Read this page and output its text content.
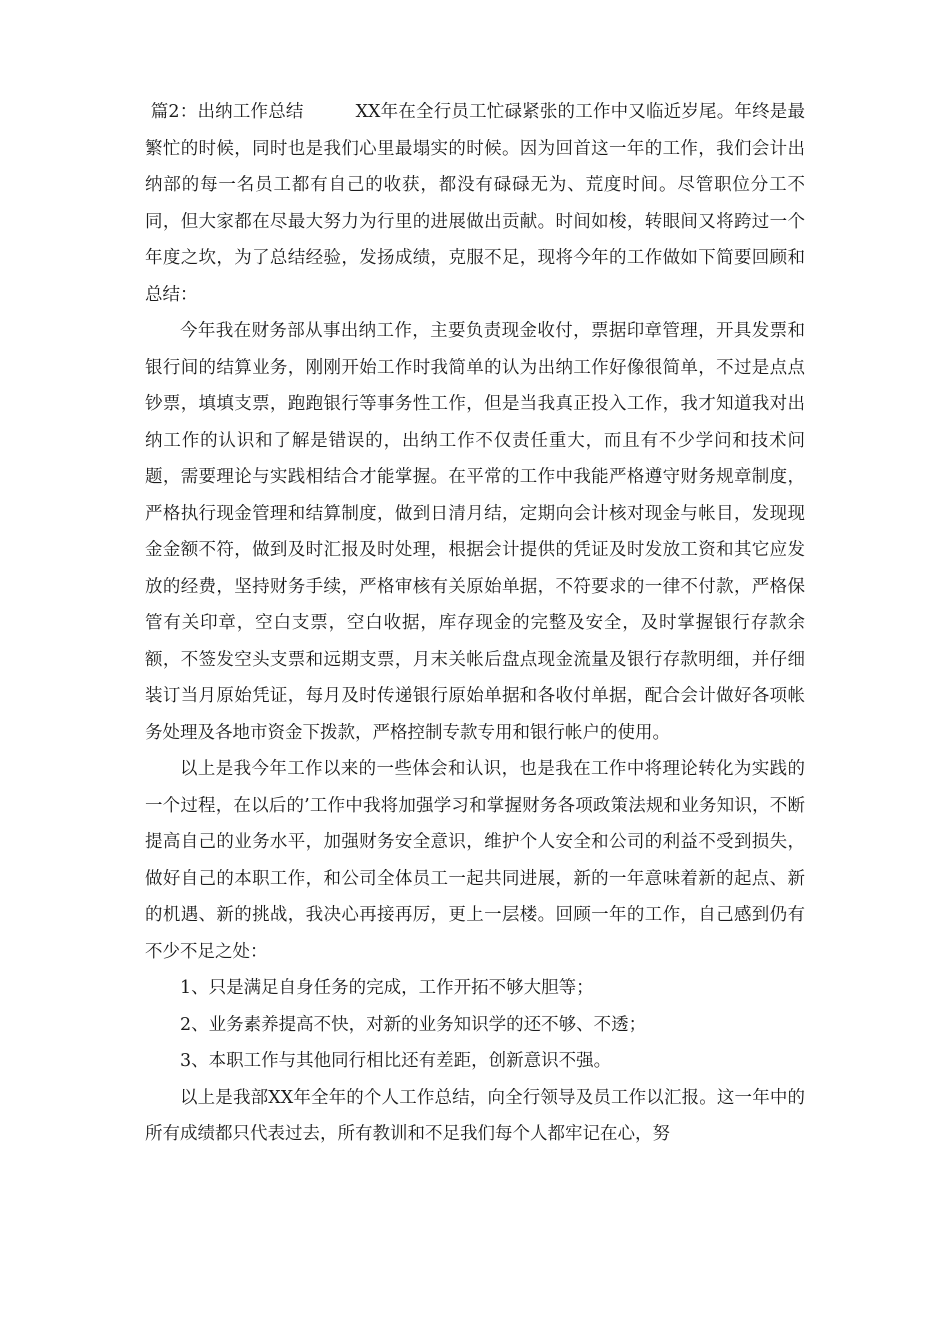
篇2：出纳工作总结	XX年在全行员工忙碌紧张的工作中又临近岁尾。年终是最繁忙的时候，同时也是我们心里最塌实的时候。因为回首这一年的工作，我们会计出纳部的每一名员工都有自己的收获，都没有碌碌无为、荒度时间。尽管职位分工不同，但大家都在尽最大努力为行里的进展做出贡献。时间如梭，转眼间又将跨过一个年度之坎，为了总结经验，发扬成绩，克服不足，现将今年的工作做如下简要回顾和总结：

今年我在财务部从事出纳工作，主要负责现金收付，票据印章管理，开具发票和银行间的结算业务，刚刚开始工作时我简单的认为出纳工作好像很简单，不过是点点钞票，填填支票，跑跑银行等事务性工作，但是当我真正投入工作，我才知道我对出纳工作的认识和了解是错误的，出纳工作不仅责任重大，而且有不少学问和技术问题，需要理论与实践相结合才能掌握。在平常的工作中我能严格遵守财务规章制度，严格执行现金管理和结算制度，做到日清月结，定期向会计核对现金与帐目，发现现金金额不符，做到及时汇报及时处理，根据会计提供的凭证及时发放工资和其它应发放的经费，坚持财务手续，严格审核有关原始单据，不符要求的一律不付款，严格保管有关印章，空白支票，空白收据，库存现金的完整及安全，及时掌握银行存款余额，不签发空头支票和远期支票，月末关帐后盘点现金流量及银行存款明细，并仔细装订当月原始凭证，每月及时传递银行原始单据和各收付单据，配合会计做好各项帐务处理及各地市资金下拨款，严格控制专款专用和银行帐户的使用。

以上是我今年工作以来的一些体会和认识，也是我在工作中将理论转化为实践的一个过程，在以后的’工作中我将加强学习和掌握财务各项政策法规和业务知识，不断提高自己的业务水平，加强财务安全意识，维护个人安全和公司的利益不受到损失，做好自己的本职工作，和公司全体员工一起共同进展，新的一年意味着新的起点、新的机遇、新的挑战，我决心再接再厉，更上一层楼。回顾一年的工作，自己感到仍有不少不足之处：

1、只是满足自身任务的完成，工作开拓不够大胆等；

2、业务素养提高不快，对新的业务知识学的还不够、不透；

3、本职工作与其他同行相比还有差距，创新意识不强。

以上是我部XX年全年的个人工作总结，向全行领导及员工作以汇报。这一年中的所有成绩都只代表过去，所有教训和不足我们每个人都牢记在心，努
